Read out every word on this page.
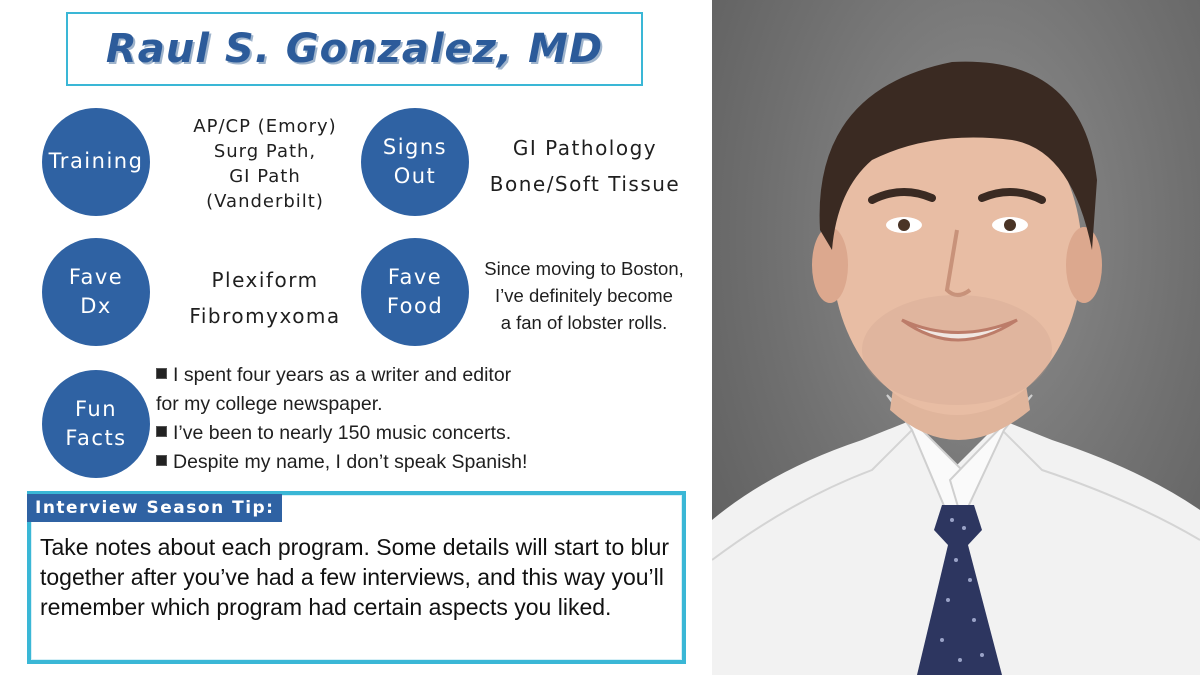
Raul S. Gonzalez, MD
Training
AP/CP (Emory)
Surg Path,
GI Path
(Vanderbilt)
Signs
Out
GI Pathology
Bone/Soft Tissue
Fave
Dx
Plexiform
Fibromyxoma
Fave
Food
Since moving to Boston,
I’ve definitely become
a fan of lobster rolls.
Fun
Facts
I spent four years as a writer and editor
for my college newspaper.
I’ve been to nearly 150 music concerts.
Despite my name, I don’t speak Spanish!
Interview Season Tip:
Take notes about each program. Some details will start to blur together after you’ve had a few interviews, and this way you’ll remember which program had certain aspects you liked.
